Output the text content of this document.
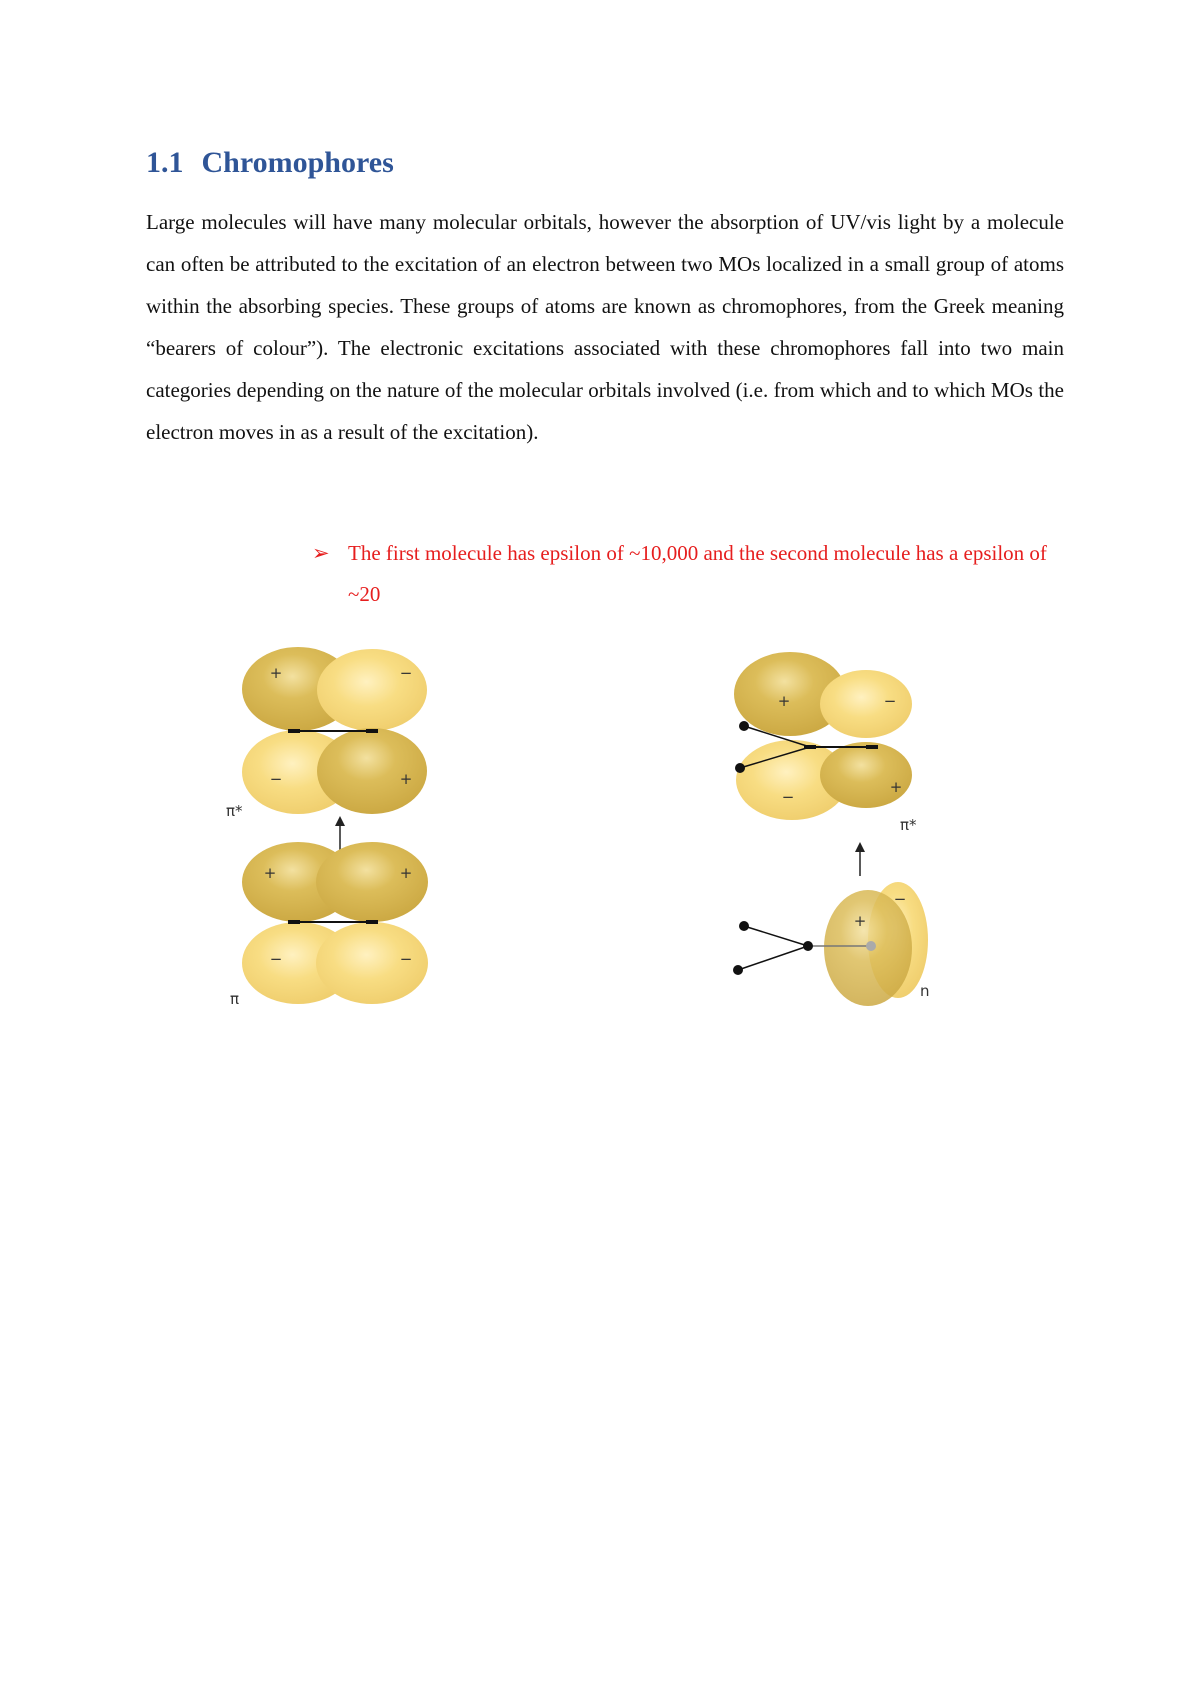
1.1 Chromophores

Large molecules will have many molecular orbitals, however the absorption of UV/vis light by a molecule can often be attributed to the excitation of an electron between two MOs localized in a small group of atoms within the absorbing species. These groups of atoms are known as chromophores, from the Greek meaning “bearers of colour”). The electronic excitations associated with these chromophores fall into two main categories depending on the nature of the molecular orbitals involved (i.e. from which and to which MOs the electron moves in as a result of the excitation).

➢ The first molecule has epsilon of ~10,000 and the second molecule has a epsilon of ~20
+	−
−	+
π*
+	+
−	−
π
+	−
−
+
π*
+
−
n
